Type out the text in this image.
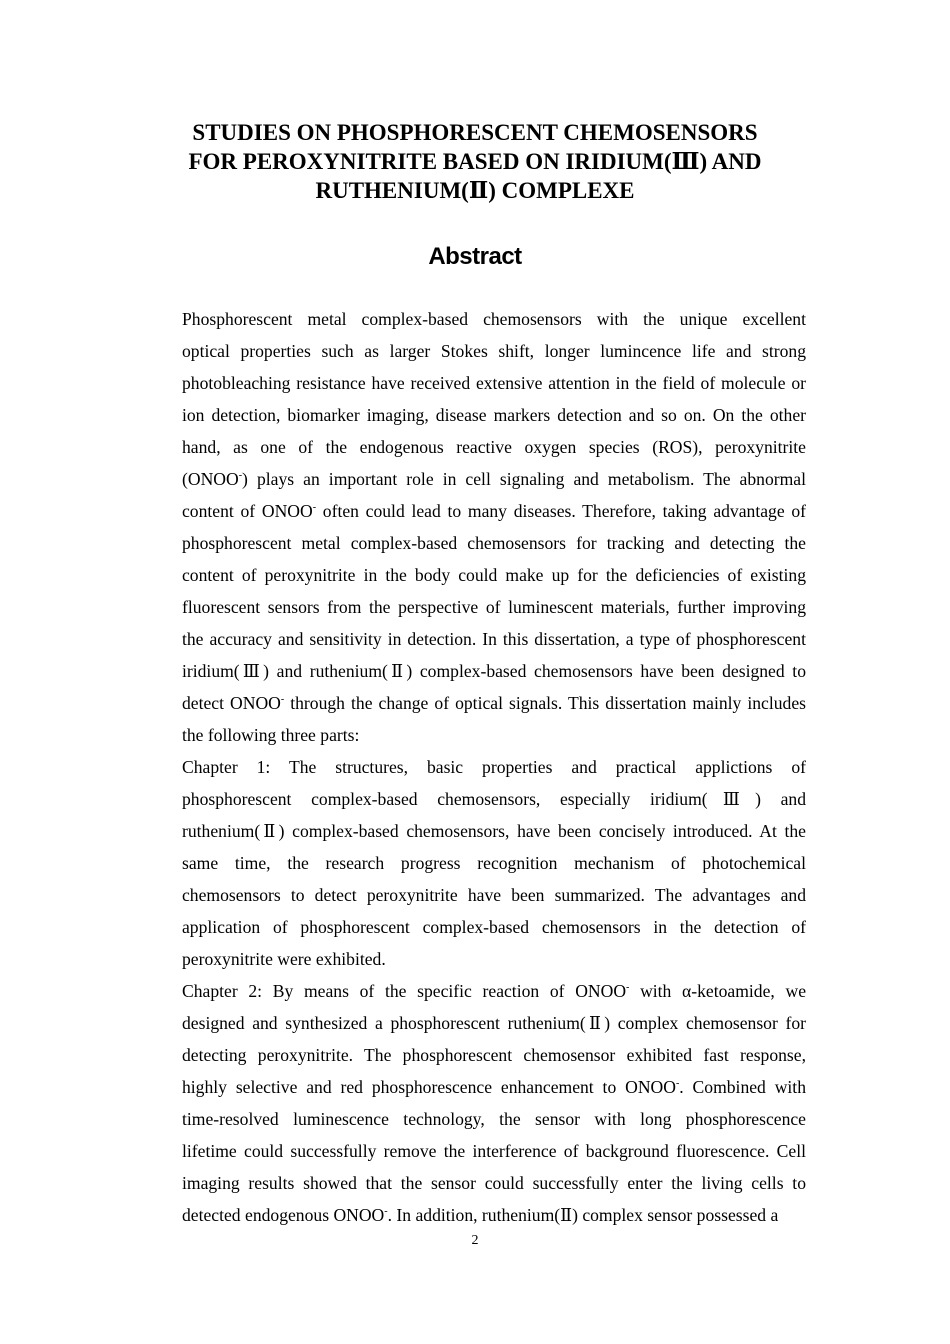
STUDIES ON PHOSPHORESCENT CHEMOSENSORS
FOR PEROXYNITRITE BASED ON IRIDIUM(Ⅲ) AND
RUTHENIUM(Ⅱ) COMPLEXE
Abstract

Phosphorescent metal complex-based chemosensors with the unique excellent
optical properties such as larger Stokes shift, longer lumincence life and strong
photobleaching resistance have received extensive attention in the field of molecule or
ion detection, biomarker imaging, disease markers detection and so on. On the other
hand, as one of the endogenous reactive oxygen species (ROS), peroxynitrite
(ONOO-) plays an important role in cell signaling and metabolism. The abnormal
content of ONOO- often could lead to many diseases. Therefore, taking advantage of
phosphorescent metal complex-based chemosensors for tracking and detecting the
content of peroxynitrite in the body could make up for the deficiencies of existing
fluorescent sensors from the perspective of luminescent materials, further improving
the accuracy and sensitivity in detection. In this dissertation, a type of phosphorescent
iridium(Ⅲ) and ruthenium(Ⅱ) complex-based chemosensors have been designed to
detect ONOO- through the change of optical signals. This dissertation mainly includes
the following three parts:

Chapter 1: The structures, basic properties and practical applictions of
phosphorescent complex-based chemosensors, especially iridium(Ⅲ) and
ruthenium(Ⅱ) complex-based chemosensors, have been concisely introduced. At the
same time, the research progress recognition mechanism of photochemical
chemosensors to detect peroxynitrite have been summarized. The advantages and
application of phosphorescent complex-based chemosensors in the detection of
peroxynitrite were exhibited.

Chapter 2: By means of the specific reaction of ONOO- with α-ketoamide, we
designed and synthesized a phosphorescent ruthenium(Ⅱ) complex chemosensor for
detecting peroxynitrite. The phosphorescent chemosensor exhibited fast response,
highly selective and red phosphorescence enhancement to ONOO-. Combined with
time-resolved luminescence technology, the sensor with long phosphorescence
lifetime could successfully remove the interference of background fluorescence. Cell
imaging results showed that the sensor could successfully enter the living cells to
detected endogenous ONOO-. In addition, ruthenium(Ⅱ) complex sensor possessed a

2
